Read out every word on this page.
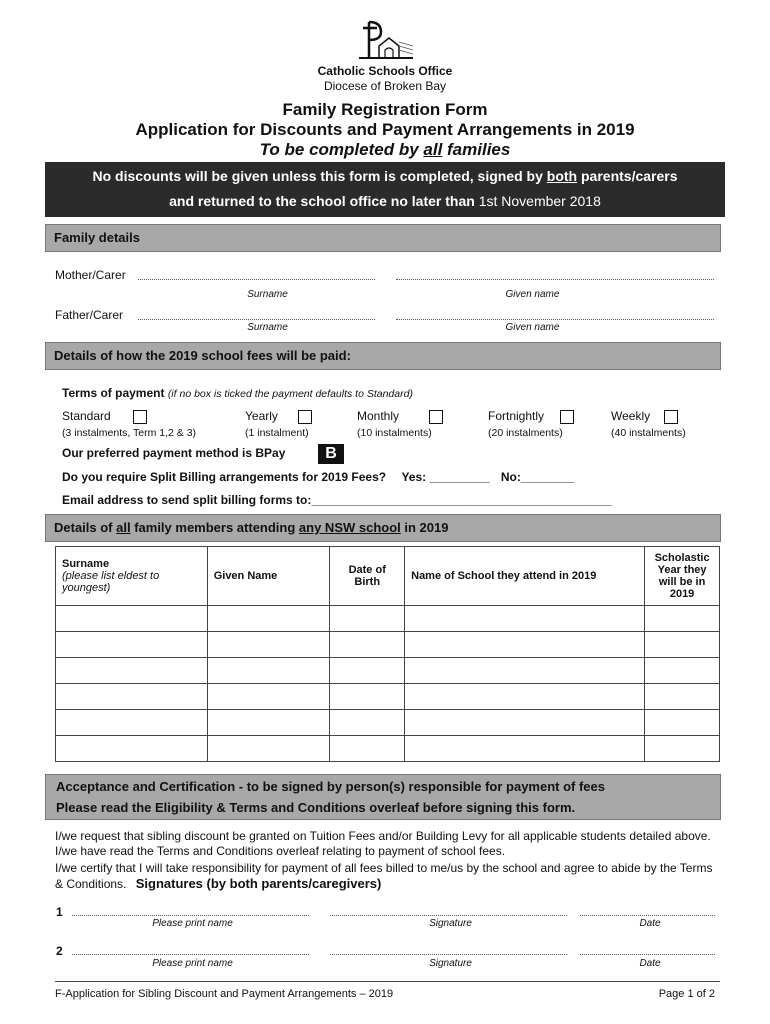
Catholic Schools Office
Diocese of Broken Bay
Family Registration Form
Application for Discounts and Payment Arrangements in 2019
To be completed by all families
No discounts will be given unless this form is completed, signed by both parents/carers
and returned to the school office no later than 1st November 2018
Family details
Mother/Carer
Surname	Given name
Father/Carer
Surname	Given name
Details of how the 2019 school fees will be paid:
Terms of payment (if no box is ticked the payment defaults to Standard)
Standard
(3 instalments, Term 1,2 & 3)
Yearly
(1 instalment)
Monthly
(10 instalments)
Fortnightly
(20 instalments)
Weekly
(40 instalments)
Our preferred payment method is BPay	B
Do you require Split Billing arrangements for 2019 Fees? Yes: _________ No:________
Email address to send split billing forms to:_____________________________________________
Details of all family members attending any NSW school in 2019
Surname
(please list eldest to youngest)	Given Name	Date of Birth	Name of School they attend in 2019	Scholastic Year they will be in 2019

Acceptance and Certification - to be signed by person(s) responsible for payment of fees
Please read the Eligibility & Terms and Conditions overleaf before signing this form.
I/we request that sibling discount be granted on Tuition Fees and/or Building Levy for all applicable students detailed above. I/we have read the Terms and Conditions overleaf relating to payment of school fees.
I/we certify that I will take responsibility for payment of all fees billed to me/us by the school and agree to abide by the Terms & Conditions. Signatures (by both parents/caregivers)
1
Please print name	Signature	Date
2
Please print name	Signature	Date
F-Application for Sibling Discount and Payment Arrangements – 2019	Page 1 of 2
